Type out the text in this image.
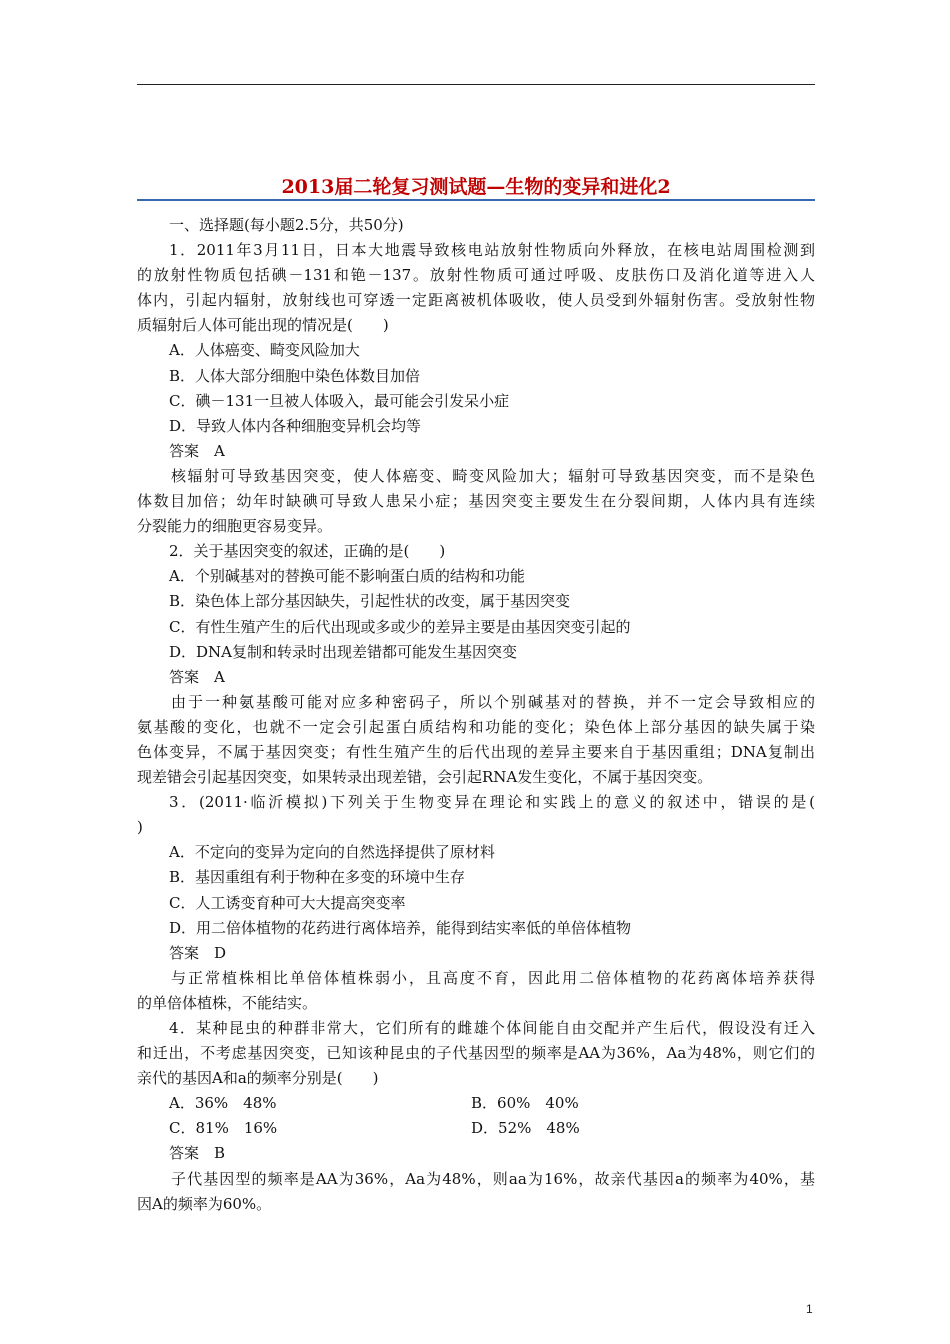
2013届二轮复习测试题—生物的变异和进化2
一、选择题(每小题2.5分，共50分)
1．2011年3月11日，日本大地震导致核电站放射性物质向外释放，在核电站周围检测到
的放射性物质包括碘－131和铯－137。放射性物质可通过呼吸、皮肤伤口及消化道等进入人
体内，引起内辐射，放射线也可穿透一定距离被机体吸收，使人员受到外辐射伤害。受放射性物
质辐射后人体可能出现的情况是(　　)
A．人体癌变、畸变风险加大
B．人体大部分细胞中染色体数目加倍
C．碘－131一旦被人体吸入，最可能会引发呆小症
D．导致人体内各种细胞变异机会均等
答案　A
核辐射可导致基因突变，使人体癌变、畸变风险加大；辐射可导致基因突变，而不是染色
体数目加倍；幼年时缺碘可导致人患呆小症；基因突变主要发生在分裂间期，人体内具有连续
分裂能力的细胞更容易变异。
2．关于基因突变的叙述，正确的是(　　)
A．个别碱基对的替换可能不影响蛋白质的结构和功能
B．染色体上部分基因缺失，引起性状的改变，属于基因突变
C．有性生殖产生的后代出现或多或少的差异主要是由基因突变引起的
D．DNA复制和转录时出现差错都可能发生基因突变
答案　A
由于一种氨基酸可能对应多种密码子，所以个别碱基对的替换，并不一定会导致相应的
氨基酸的变化，也就不一定会引起蛋白质结构和功能的变化；染色体上部分基因的缺失属于染
色体变异，不属于基因突变；有性生殖产生的后代出现的差异主要来自于基因重组；DNA复制出
现差错会引起基因突变，如果转录出现差错，会引起RNA发生变化，不属于基因突变。
3．(2011·临沂模拟)下列关于生物变异在理论和实践上的意义的叙述中，错误的是(
)
A．不定向的变异为定向的自然选择提供了原材料
B．基因重组有利于物种在多变的环境中生存
C．人工诱变育种可大大提高突变率
D．用二倍体植物的花药进行离体培养，能得到结实率低的单倍体植物
答案　D
与正常植株相比单倍体植株弱小，且高度不育，因此用二倍体植物的花药离体培养获得
的单倍体植株，不能结实。
4．某种昆虫的种群非常大，它们所有的雌雄个体间能自由交配并产生后代，假设没有迁入
和迁出，不考虑基因突变，已知该种昆虫的子代基因型的频率是AA为36%，Aa为48%，则它们的
亲代的基因A和a的频率分别是(　　)
A．36%　48%	B．60%　40%
C．81%　16%	D．52%　48%
答案　B
子代基因型的频率是AA为36%，Aa为48%，则aa为16%，故亲代基因a的频率为40%，基
因A的频率为60%。
1
